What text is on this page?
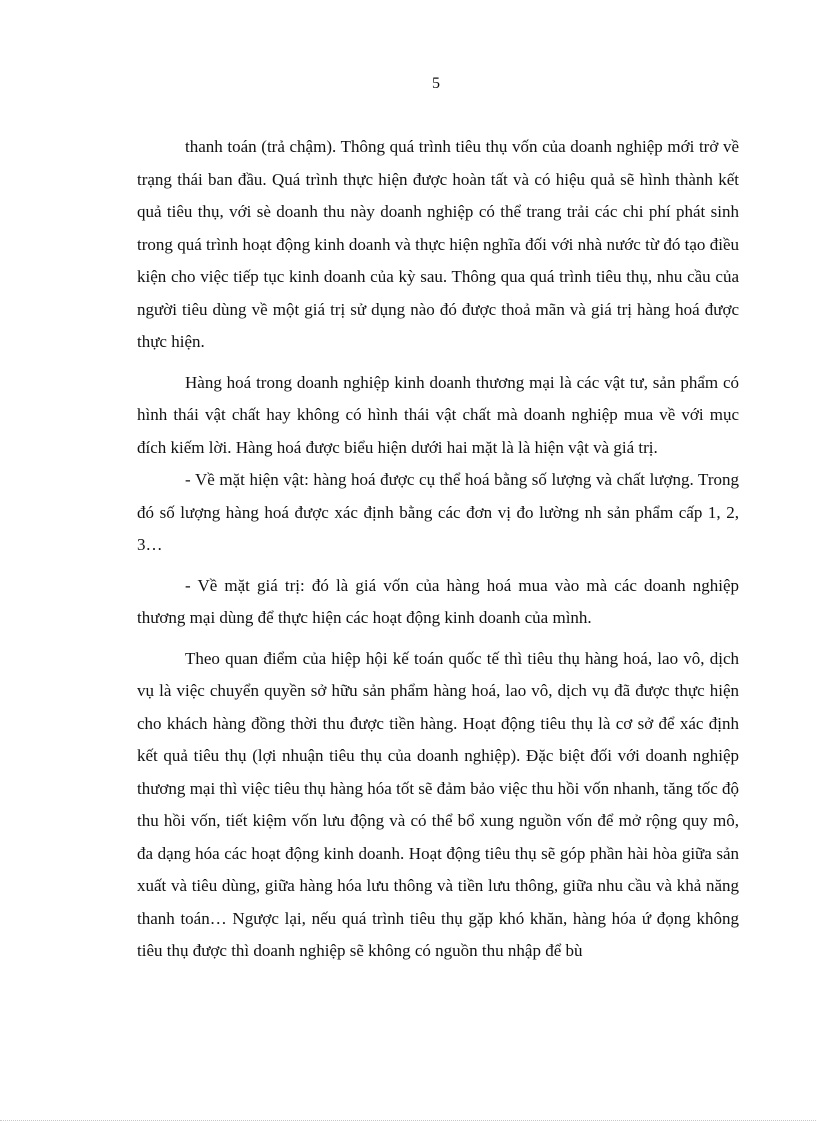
5

thanh toán (trả chậm). Thông quá trình tiêu thụ vốn của doanh nghiệp mới trở về trạng thái ban đầu. Quá trình thực hiện được hoàn tất và có hiệu quả sẽ hình thành kết quả tiêu thụ, với sè doanh thu này doanh nghiệp có thể trang trải các chi phí phát sinh trong quá trình hoạt động kinh doanh và thực hiện nghĩa đối với nhà nước từ đó tạo điều kiện cho việc tiếp tục kinh doanh của kỳ sau. Thông qua quá trình tiêu thụ, nhu cầu của người tiêu dùng về một giá trị sử dụng nào đó được thoả mãn và giá trị hàng hoá được thực hiện.

Hàng hoá trong doanh nghiệp kinh doanh thương mại là các vật tư, sản phẩm có hình thái vật chất hay không có hình thái vật chất mà doanh nghiệp mua về với mục đích kiếm lời. Hàng hoá được biểu hiện dưới hai mặt là là hiện vật và giá trị.

- Về mặt hiện vật: hàng hoá được cụ thể hoá bằng số lượng và chất lượng. Trong đó số lượng hàng hoá được xác định bằng các đơn vị đo lường nh sản phẩm cấp 1, 2, 3…

- Về mặt giá trị: đó là giá vốn của hàng hoá mua vào mà các doanh nghiệp thương mại dùng để thực hiện các hoạt động kinh doanh của mình.

Theo quan điểm của hiệp hội kế toán quốc tế thì tiêu thụ hàng hoá, lao vô, dịch vụ là việc chuyển quyền sở hữu sản phẩm hàng hoá, lao vô, dịch vụ đã được thực hiện cho khách hàng đồng thời thu được tiền hàng. Hoạt động tiêu thụ là cơ sở để xác định kết quả tiêu thụ (lợi nhuận tiêu thụ của doanh nghiệp). Đặc biệt đối với doanh nghiệp thương mại thì việc tiêu thụ hàng hóa tốt sẽ đảm bảo việc thu hồi vốn nhanh, tăng tốc độ thu hồi vốn, tiết kiệm vốn lưu động và có thể bổ xung nguồn vốn để mở rộng quy mô, đa dạng hóa các hoạt động kinh doanh. Hoạt động tiêu thụ sẽ góp phần hài hòa giữa sản xuất và tiêu dùng, giữa hàng hóa lưu thông và tiền lưu thông, giữa nhu cầu và khả năng thanh toán… Ngược lại, nếu quá trình tiêu thụ gặp khó khăn, hàng hóa ứ đọng không tiêu thụ được thì doanh nghiệp sẽ không có nguồn thu nhập để bù
